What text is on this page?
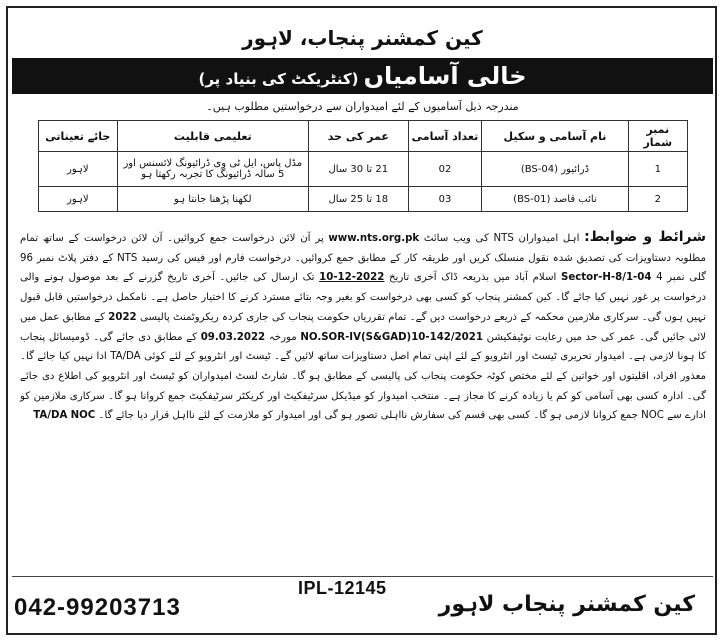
کین کمشنر پنجاب، لاہور
خالی آسامیاں (کنٹریکٹ کی بنیاد پر)
مندرجہ ذیل آسامیوں کے لئے امیدواران سے درخواستیں مطلوب ہیں۔
نمبر شمار	نام آسامی و سکیل	تعداد آسامی	عمر کی حد	تعلیمی قابلیت	جائے تعیناتی
1	ڈرائیور (BS-04)	02	21 تا 30 سال	مڈل پاس، ایل ٹی وی ڈرائیونگ لائسنس اور 5 سالہ ڈرائیونگ کا تجربہ رکھتا ہو	لاہور
2	نائب قاصد (BS-01)	03	18 تا 25 سال	لکھنا پڑھنا جانتا ہو	لاہور
شرائط و ضوابط: اہل امیدواران NTS کی ویب سائٹ www.nts.org.pk پر آن لائن درخواست جمع کروائیں۔ آن لائن درخواست کے ساتھ تمام مطلوبہ دستاویزات کی تصدیق شدہ نقول منسلک کریں اور طریقہ کار کے مطابق جمع کروائیں۔ درخواست فارم اور فیس کی رسید NTS کے دفتر پلاٹ نمبر 96 گلی نمبر 4 Sector-H-8/1-04 اسلام آباد میں بذریعہ ڈاک آخری تاریخ 10-12-2022 تک ارسال کی جائیں۔ آخری تاریخ گزرنے کے بعد موصول ہونے والی درخواست پر غور نہیں کیا جائے گا۔ کین کمشنر پنجاب کو کسی بھی درخواست کو بغیر وجہ بتائے مسترد کرنے کا اختیار حاصل ہے۔ نامکمل درخواستیں قابل قبول نہیں ہوں گی۔ سرکاری ملازمین محکمہ کے ذریعے درخواست دیں گے۔ تمام تقرریاں حکومت پنجاب کی جاری کردہ ریکروٹمنٹ پالیسی 2022 کے مطابق عمل میں لائی جائیں گی۔ عمر کی حد میں رعایت نوٹیفکیشن NO.SOR-IV(S&GAD)10-142/2021 مورخہ 09.03.2022 کے مطابق دی جائے گی۔ ڈومیسائل پنجاب کا ہونا لازمی ہے۔ امیدوار تحریری ٹیسٹ اور انٹرویو کے لئے اپنی تمام اصل دستاویزات ساتھ لائیں گے۔ ٹیسٹ اور انٹرویو کے لئے کوئی TA/DA ادا نہیں کیا جائے گا۔ معذور افراد، اقلیتوں اور خواتین کے لئے مختص کوٹہ حکومت پنجاب کی پالیسی کے مطابق ہو گا۔ شارٹ لسٹ امیدواران کو ٹیسٹ اور انٹرویو کی اطلاع دی جائے گی۔ ادارہ کسی بھی آسامی کو کم یا زیادہ کرنے کا مجاز ہے۔ منتخب امیدوار کو میڈیکل سرٹیفکیٹ اور کریکٹر سرٹیفکیٹ جمع کروانا ہو گا۔ سرکاری ملازمین کو ادارے سے NOC جمع کروانا لازمی ہو گا۔ کسی بھی قسم کی سفارش نااہلی تصور ہو گی اور امیدوار کو ملازمت کے لئے نااہل قرار دیا جائے گا۔ NOC TA/DA
IPL-12145
042-99203713	کین کمشنر پنجاب لاہور
